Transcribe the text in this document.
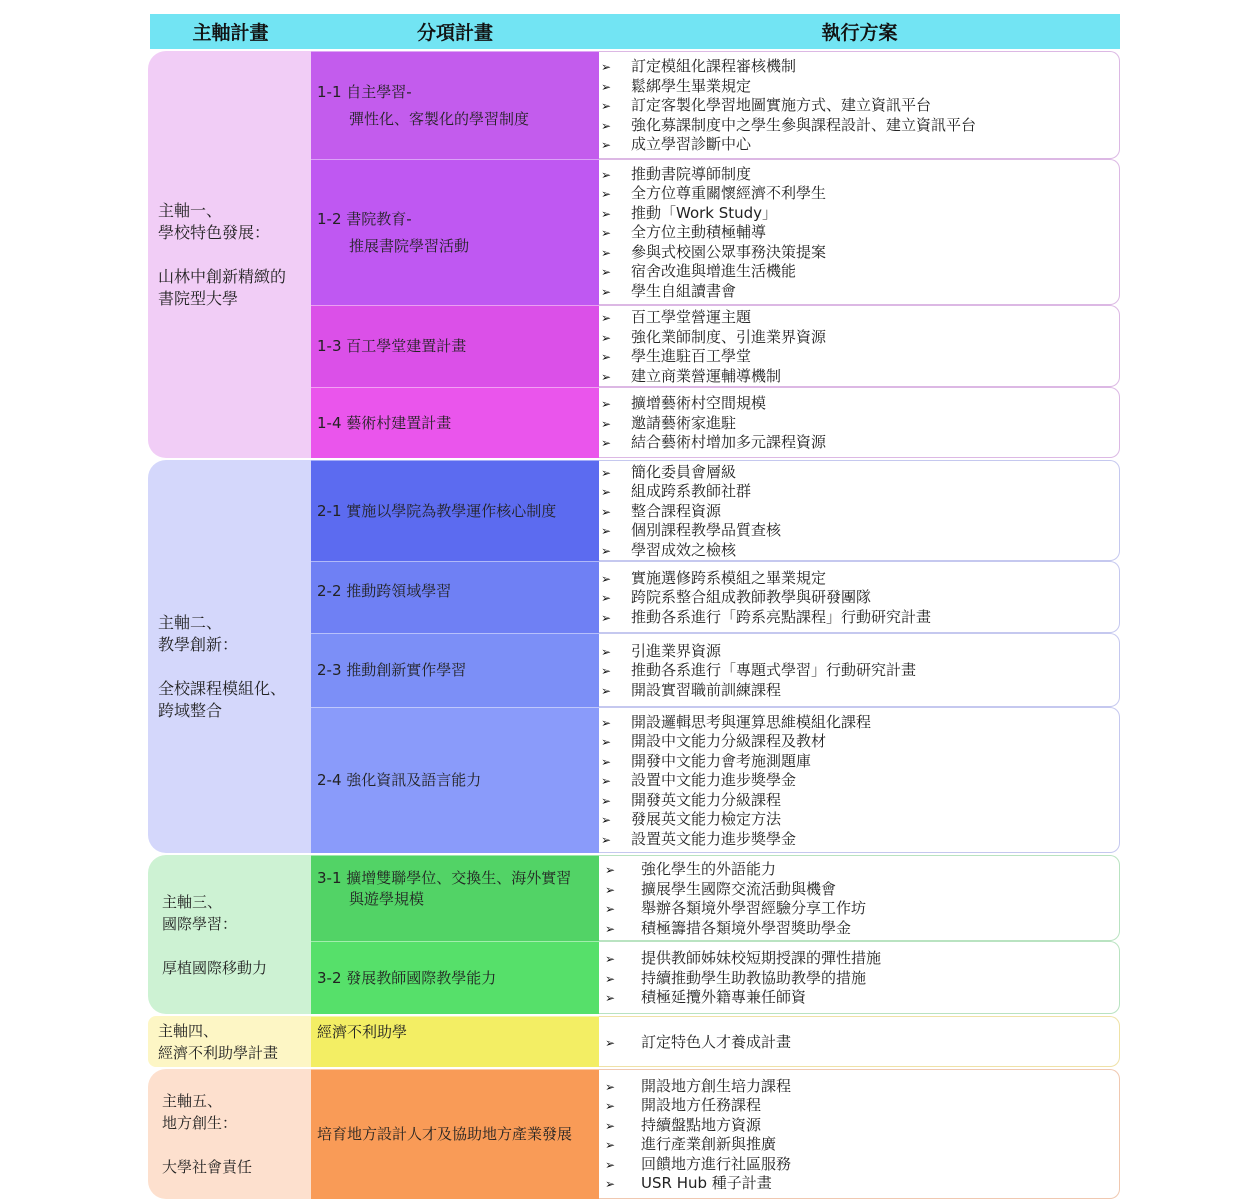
主軸計畫	分項計畫	執行方案
主軸一、
學校特色發展：
山林中創新精緻的
書院型大學
主軸二、
教學創新：
全校課程模組化、
跨域整合
主軸三、
國際學習：
厚植國際移動力
主軸四、
經濟不利助學計畫
主軸五、
地方創生：
大學社會責任
1-1 自主學習-
彈性化、客製化的學習制度
1-2 書院教育-
推展書院學習活動
1-3 百工學堂建置計畫
1-4 藝術村建置計畫
2-1 實施以學院為教學運作核心制度
2-2 推動跨領域學習
2-3 推動創新實作學習
2-4 強化資訊及語言能力
3-1 擴增雙聯學位、交換生、海外實習
與遊學規模
3-2 發展教師國際教學能力
經濟不利助學
培育地方設計人才及協助地方產業發展
➢ 訂定模組化課程審核機制
➢ 鬆綁學生畢業規定
➢ 訂定客製化學習地圖實施方式、建立資訊平台
➢ 強化募課制度中之學生參與課程設計、建立資訊平台
➢ 成立學習診斷中心
➢ 推動書院導師制度
➢ 全方位尊重關懷經濟不利學生
➢ 推動「Work Study」
➢ 全方位主動積極輔導
➢ 參與式校園公眾事務決策提案
➢ 宿舍改進與增進生活機能
➢ 學生自組讀書會
➢ 百工學堂營運主題
➢ 強化業師制度、引進業界資源
➢ 學生進駐百工學堂
➢ 建立商業營運輔導機制
➢ 擴增藝術村空間規模
➢ 邀請藝術家進駐
➢ 結合藝術村增加多元課程資源
➢ 簡化委員會層級
➢ 組成跨系教師社群
➢ 整合課程資源
➢ 個別課程教學品質查核
➢ 學習成效之檢核
➢ 實施選修跨系模組之畢業規定
➢ 跨院系整合組成教師教學與研發團隊
➢ 推動各系進行「跨系亮點課程」行動研究計畫
➢ 引進業界資源
➢ 推動各系進行「專題式學習」行動研究計畫
➢ 開設實習職前訓練課程
➢ 開設邏輯思考與運算思維模組化課程
➢ 開設中文能力分級課程及教材
➢ 開發中文能力會考施測題庫
➢ 設置中文能力進步獎學金
➢ 開發英文能力分級課程
➢ 發展英文能力檢定方法
➢ 設置英文能力進步獎學金
➢ 強化學生的外語能力
➢ 擴展學生國際交流活動與機會
➢ 舉辦各類境外學習經驗分享工作坊
➢ 積極籌措各類境外學習獎助學金
➢ 提供教師姊妹校短期授課的彈性措施
➢ 持續推動學生助教協助教學的措施
➢ 積極延攬外籍專兼任師資
➢ 訂定特色人才養成計畫
➢ 開設地方創生培力課程
➢ 開設地方任務課程
➢ 持續盤點地方資源
➢ 進行產業創新與推廣
➢ 回饋地方進行社區服務
➢ USR Hub 種子計畫
